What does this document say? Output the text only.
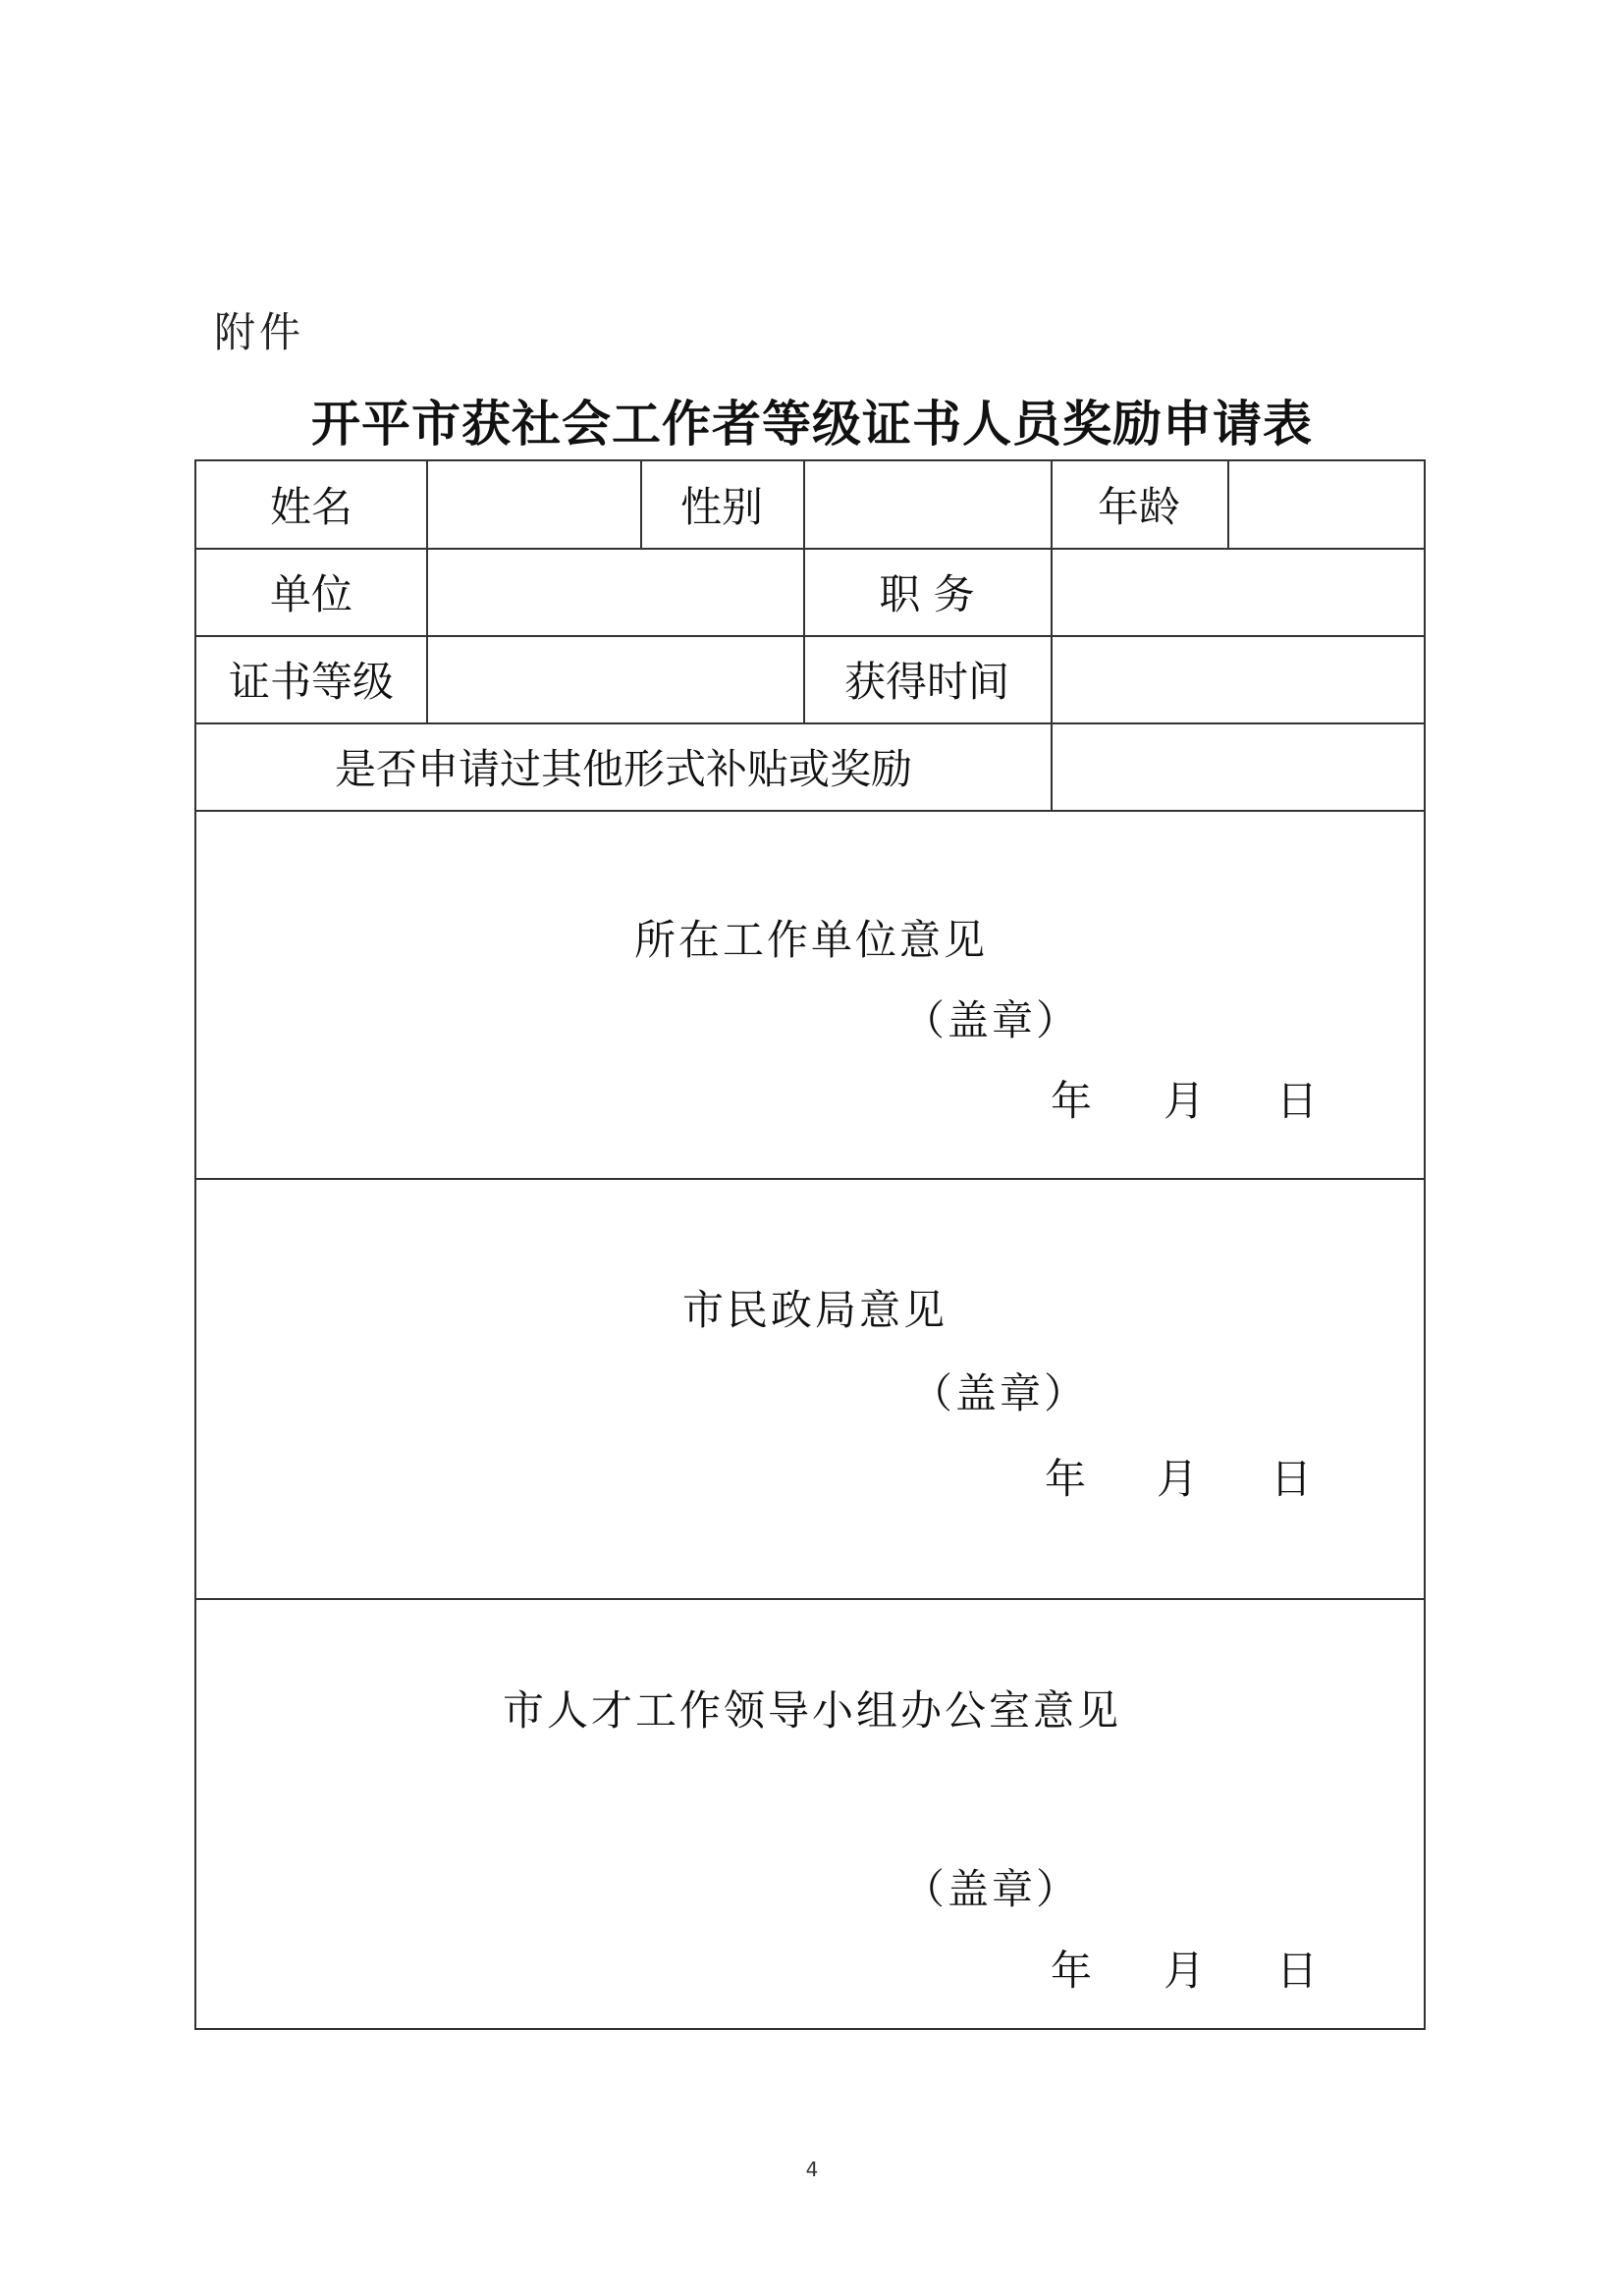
附件
开平市获社会工作者等级证书人员奖励申请表
姓名	性别	年龄
单位	职 务
证书等级	获得时间
是否申请过其他形式补贴或奖励
所在工作单位意见
（盖章）
年 月 日
市民政局意见
（盖章）
年 月 日
市人才工作领导小组办公室意见
（盖章）
年 月 日
4
